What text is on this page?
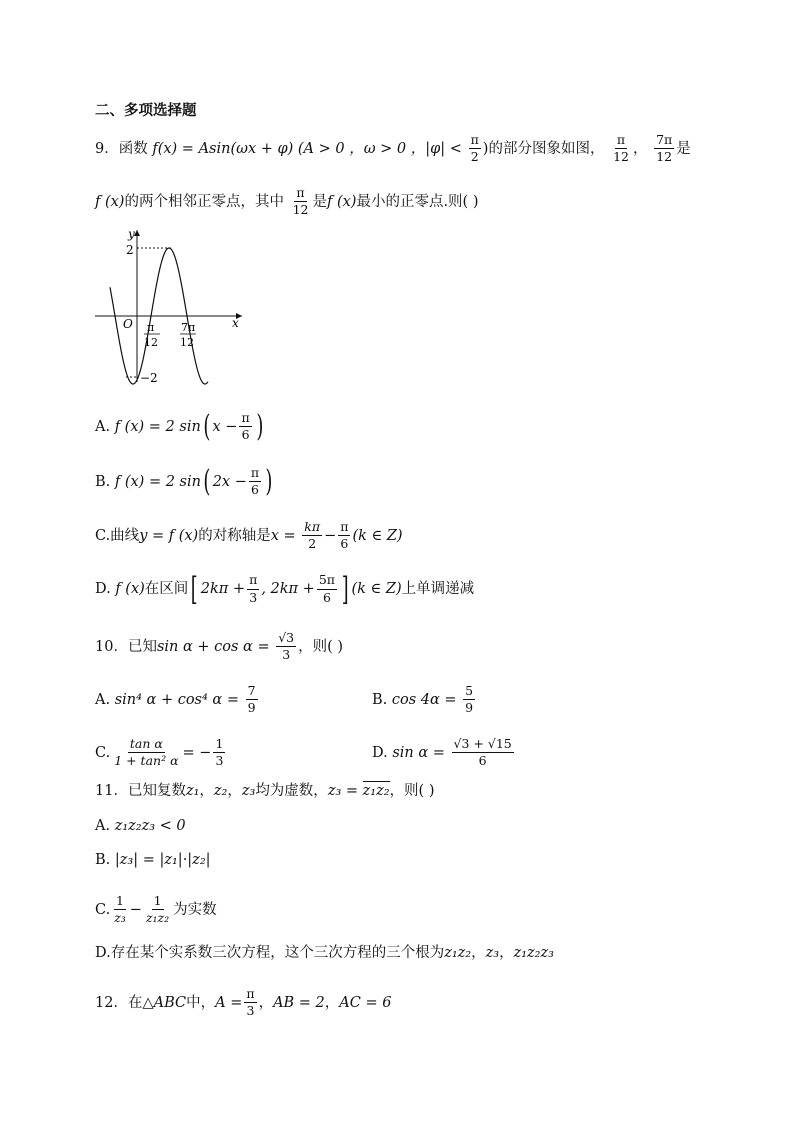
二、多项选择题
9．函数 f(x) = Asin(ωx + φ) (A > 0 ，ω > 0 ，$|\varphi| < \frac{\pi}{2}$ )的部分图象如图， $\frac{\pi}{12}$ ， $\frac{7\pi}{12}$ 是
f (x)的两个相邻正零点，其中 $\frac{\pi}{12}$ 是f (x)最小的正零点.则( )
y
x
O
2
−2
π
12
7π
12
A. f (x) = 2 sin( $x - \frac{\pi}{6}$ )
B. f (x) = 2 sin( $2x - \frac{\pi}{6}$ )
C.曲线y = f (x)的对称轴是$x = \frac{k\pi}{2} - \frac{\pi}{6} (k$ ∈ Z)
D. f (x)在区间[ $2k\pi + \frac{\pi}{3}$ , $2k\pi + \frac{5\pi}{6}$ ] (k ∈ Z)上单调递减
10．已知$\sin \alpha + \cos \alpha = \frac{√3}{3}$ ，则( )
A. sin⁴ α + cos⁴ $\alpha = \frac{7}{9}$	B. $\cos 4\alpha = \frac{5}{9}$
C. $\frac{\text{tan α}}{\text{1 + tan² α}}$ = − $\frac{1}{3}$	D. $\sin \alpha = \frac{√3 + √15}{6}$
11．已知复数z₁，z₂，z₃均为虚数，z₃ = z₁z₂，则( )
A. z₁z₂z₃ < 0
B. |z₃| = |z₁|·|z₂|
C. $\frac{1}{\text{z₃}} - \frac{1}{\text{z₁z₂}}$ 为实数
D.存在某个实系数三次方程，这个三次方程的三个根为z₁z₂，z₃，z₁z₂z₃
12．在△ABC中，$A = \frac{\pi}{3}$ ，AB = 2，AC = 6
